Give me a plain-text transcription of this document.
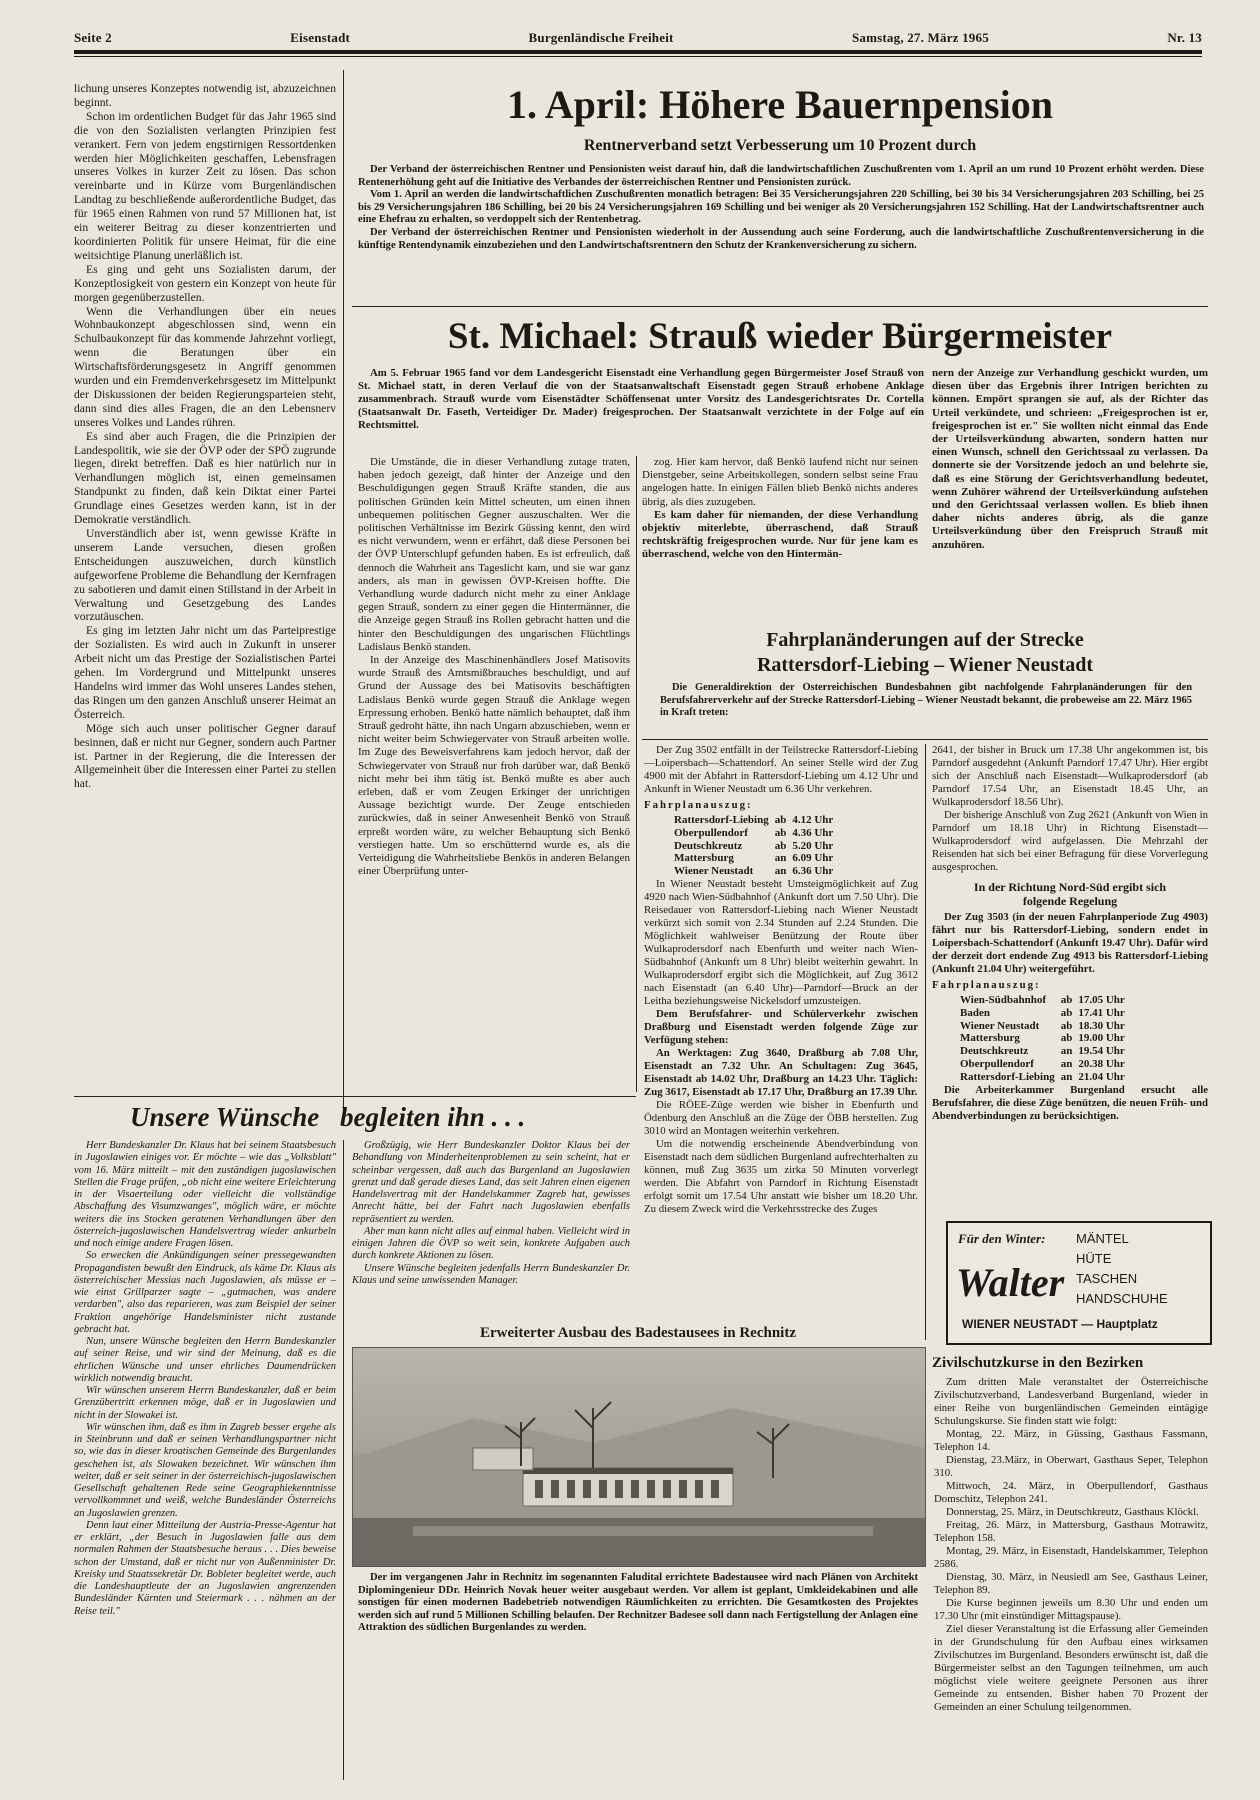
Seite 2	Eisenstadt	Burgenländische Freiheit	Samstag, 27. März 1965	Nr. 13

lichung unseres Konzeptes notwendig ist, abzuzeichnen beginnt.

Schon im ordentlichen Budget für das Jahr 1965 sind die von den Sozialisten verlangten Prinzipien fest verankert. Fern von jedem engstirnigen Ressortdenken werden hier Möglichkeiten geschaffen, Lebensfragen unseres Volkes in kurzer Zeit zu lösen. Das schon vereinbarte und in Kürze vom Burgenländischen Landtag zu beschließende außerordentliche Budget, das für 1965 einen Rahmen von rund 57 Millionen hat, ist ein weiterer Beitrag zu dieser konzentrierten und koordinierten Politik für unsere Heimat, für die eine weitsichtige Planung unerläßlich ist.

Es ging und geht uns Sozialisten darum, der Konzeptlosigkeit von gestern ein Konzept von heute für morgen gegenüberzustellen.

Wenn die Verhandlungen über ein neues Wohnbaukonzept abgeschlossen sind, wenn ein Schulbaukonzept für das kommende Jahrzehnt vorliegt, wenn die Beratungen über ein Wirtschaftsförderungsgesetz in Angriff genommen wurden und ein Fremdenverkehrsgesetz im Mittelpunkt der Diskussionen der beiden Regierungsparteien steht, dann sind dies alles Fragen, die an den Lebensnerv unseres Volkes und Landes rühren.

Es sind aber auch Fragen, die die Prinzipien der Landespolitik, wie sie der ÖVP oder der SPÖ zugrunde liegen, direkt betreffen. Daß es hier natürlich nur in Verhandlungen möglich ist, einen gemeinsamen Standpunkt zu finden, daß kein Diktat einer Partei Grundlage eines Gesetzes werden kann, ist in der Demokratie verständlich.

Unverständlich aber ist, wenn gewisse Kräfte in unserem Lande versuchen, diesen großen Entscheidungen auszuweichen, durch künstlich aufgeworfene Probleme die Behandlung der Kernfragen zu sabotieren und damit einen Stillstand in der Arbeit in Verwaltung und Gesetzgebung des Landes vorzutäuschen.

Es ging im letzten Jahr nicht um das Parteiprestige der Sozialisten. Es wird auch in Zukunft in unserer Arbeit nicht um das Prestige der Sozialistischen Partei gehen. Im Vordergrund und Mittelpunkt unseres Handelns wird immer das Wohl unseres Landes stehen, das Ringen um den ganzen Anschluß unserer Heimat an Österreich.

Möge sich auch unser politischer Gegner darauf besinnen, daß er nicht nur Gegner, sondern auch Partner ist. Partner in der Regierung, die die Interessen der Allgemeinheit über die Interessen einer Partei zu stellen hat.

1. April: Höhere Bauernpension
Rentnerverband setzt Verbesserung um 10 Prozent durch

Der Verband der österreichischen Rentner und Pensionisten weist darauf hin, daß die landwirtschaftlichen Zuschußrenten vom 1. April an um rund 10 Prozent erhöht werden. Diese Rentenerhöhung geht auf die Initiative des Verbandes der österreichischen Rentner und Pensionisten zurück.

Vom 1. April an werden die landwirtschaftlichen Zuschußrenten monatlich betragen: Bei 35 Versicherungsjahren 220 Schilling, bei 30 bis 34 Versicherungsjahren 203 Schilling, bei 25 bis 29 Versicherungsjahren 186 Schilling, bei 20 bis 24 Versicherungsjahren 169 Schilling und bei weniger als 20 Versicherungsjahren 152 Schilling. Hat der Landwirtschaftsrentner auch eine Ehefrau zu erhalten, so verdoppelt sich der Rentenbetrag.

Der Verband der österreichischen Rentner und Pensionisten wiederholt in der Aussendung auch seine Forderung, auch die landwirtschaftliche Zuschußrentenversicherung in die künftige Rentendynamik einzubeziehen und den Landwirtschaftsrentnern den Schutz der Krankenversicherung zu sichern.

St. Michael: Strauß wieder Bürgermeister

Am 5. Februar 1965 fand vor dem Landesgericht Eisenstadt eine Verhandlung gegen Bürgermeister Josef Strauß von St. Michael statt, in deren Verlauf die von der Staatsanwaltschaft Eisenstadt gegen Strauß erhobene Anklage zusammenbrach. Strauß wurde vom Eisenstädter Schöffensenat unter Vorsitz des Landesgerichtsrates Dr. Cortella (Staatsanwalt Dr. Faseth, Verteidiger Dr. Mader) freigesprochen. Der Staatsanwalt verzichtete in der Folge auf ein Rechtsmittel.

Die Umstände, die in dieser Verhandlung zutage traten, haben jedoch gezeigt, daß hinter der Anzeige und den Beschuldigungen gegen Strauß Kräfte standen, die aus politischen Gründen kein Mittel scheuten, um einen ihnen unbequemen politischen Gegner auszuschalten. Wer die politischen Verhältnisse im Bezirk Güssing kennt, den wird es nicht verwundern, wenn er erfährt, daß diese Personen bei der ÖVP Unterschlupf gefunden haben. Es ist erfreulich, daß dennoch die Wahrheit ans Tageslicht kam, und sie war ganz anders, als man in gewissen ÖVP-Kreisen hoffte. Die Verhandlung wurde dadurch nicht mehr zu einer Anklage gegen Strauß, sondern zu einer gegen die Hintermänner, die die Anzeige gegen Strauß ins Rollen gebracht hatten und die hinter den Beschuldigungen des ungarischen Flüchtlings Ladislaus Benkö standen.

In der Anzeige des Maschinenhändlers Josef Matisovits wurde Strauß des Amtsmißbrauches beschuldigt, und auf Grund der Aussage des bei Matisovits beschäftigten Ladislaus Benkö wurde gegen Strauß die Anklage wegen Erpressung erhoben. Benkö hatte nämlich behauptet, daß ihm Strauß gedroht hätte, ihn nach Ungarn abzuschieben, wenn er nicht weiter beim Schwiegervater von Strauß arbeiten wolle. Im Zuge des Beweisverfahrens kam jedoch hervor, daß der Schwiegervater von Strauß nur froh darüber war, daß Benkö nicht mehr bei ihm tätig ist. Benkö mußte es aber auch erleben, daß er vom Zeugen Erkinger der unrichtigen Aussage bezichtigt wurde. Der Zeuge entschieden zurückwies, daß in seiner Anwesenheit Benkö von Strauß erpreßt worden wäre, zu welcher Behauptung sich Benkö verstiegen hatte. Um so erschütternd wurde es, als die Verteidigung die Wahrheitsliebe Benkös in anderen Belangen einer Überprüfung unter-

zog. Hier kam hervor, daß Benkö laufend nicht nur seinen Dienstgeber, seine Arbeitskollegen, sondern selbst seine Frau angelogen hatte. In einigen Fällen blieb Benkö nichts anderes übrig, als dies zuzugeben.

Es kam daher für niemanden, der diese Verhandlung objektiv miterlebte, überraschend, daß Strauß rechtskräftig freigesprochen wurde. Nur für jene kam es überraschend, welche von den Hintermän-

nern der Anzeige zur Verhandlung geschickt wurden, um diesen über das Ergebnis ihrer Intrigen berichten zu können. Empört sprangen sie auf, als der Richter das Urteil verkündete, und schrieen: „Freigesprochen ist er, freigesprochen ist er." Sie wollten nicht einmal das Ende der Urteilsverkündung abwarten, sondern hatten nur einen Wunsch, schnell den Gerichtssaal zu verlassen. Da donnerte sie der Vorsitzende jedoch an und belehrte sie, daß es eine Störung der Gerichtsverhandlung bedeutet, wenn Zuhörer während der Urteilsverkündung aufstehen und den Gerichtssaal verlassen wollen. Es blieb ihnen daher nichts anderes übrig, als die ganze Urteilsverkündung über den Freispruch Strauß mit anzuhören.

Fahrplanänderungen auf der Strecke
Rattersdorf-Liebing – Wiener Neustadt

Die Generaldirektion der Österreichischen Bundesbahnen gibt nachfolgende Fahrplanänderungen für den Berufsfahrerverkehr auf der Strecke Rattersdorf-Liebing – Wiener Neustadt bekannt, die probeweise am 22. März 1965 in Kraft treten:

Der Zug 3502 entfällt in der Teilstrecke Rattersdorf-Liebing—Loipersbach—Schattendorf. An seiner Stelle wird der Zug 4900 mit der Abfahrt in Rattersdorf-Liebing um 4.12 Uhr und Ankunft in Wiener Neustadt um 6.36 Uhr verkehren.

Fahrplanauszug:
Rattersdorf-Liebing	ab	4.12 Uhr
Oberpullendorf	ab	4.36 Uhr
Deutschkreutz	ab	5.20 Uhr
Mattersburg	an	6.09 Uhr
Wiener Neustadt	an	6.36 Uhr

In Wiener Neustadt besteht Umsteigmöglichkeit auf Zug 4920 nach Wien-Südbahnhof (Ankunft dort um 7.50 Uhr). Die Reisedauer von Rattersdorf-Liebing nach Wiener Neustadt verkürzt sich somit von 2.34 Stunden auf 2.24 Stunden. Die Möglichkeit wahlweiser Benützung der Route über Wulkaprodersdorf nach Ebenfurth und weiter nach Wien-Südbahnhof (Ankunft um 8 Uhr) bleibt weiterhin gewahrt. In Wulkaprodersdorf ergibt sich die Möglichkeit, auf Zug 3612 nach Eisenstadt (an 6.40 Uhr)—Parndorf—Bruck an der Leitha beziehungsweise Nickelsdorf umzusteigen.

Dem Berufsfahrer- und Schülerverkehr zwischen Draßburg und Eisenstadt werden folgende Züge zur Verfügung stehen:

An Werktagen: Zug 3640, Draßburg ab 7.08 Uhr, Eisenstadt an 7.32 Uhr. An Schultagen: Zug 3645, Eisenstadt ab 14.02 Uhr, Draßburg an 14.23 Uhr. Täglich: Zug 3617, Eisenstadt ab 17.17 Uhr, Draßburg an 17.39 Uhr.

Die RÖEE-Züge werden wie bisher in Ebenfurth und Ödenburg den Anschluß an die Züge der ÖBB herstellen. Zug 3010 wird an Montagen weiterhin verkehren.

Um die notwendig erscheinende Abendverbindung von Eisenstadt nach dem südlichen Burgenland aufrechterhalten zu können, muß Zug 3635 um zirka 50 Minuten vorverlegt werden. Die Abfahrt von Parndorf in Richtung Eisenstadt erfolgt somit um 17.54 Uhr anstatt wie bisher um 18.20 Uhr. Zu diesem Zweck wird die Verkehrsstrecke des Zuges

2641, der bisher in Bruck um 17.38 Uhr angekommen ist, bis Parndorf ausgedehnt (Ankunft Parndorf 17.47 Uhr). Hier ergibt sich der Anschluß nach Eisenstadt—Wulkaprodersdorf (ab Parndorf 17.54 Uhr, an Eisenstadt 18.45 Uhr, an Wulkaprodersdorf 18.56 Uhr).

Der bisherige Anschluß von Zug 2621 (Ankunft von Wien in Parndorf um 18.18 Uhr) in Richtung Eisenstadt—Wulkaprodersdorf wird aufgelassen. Die Mehrzahl der Reisenden hat sich bei einer Befragung für diese Vorverlegung ausgesprochen.

In der Richtung Nord-Süd ergibt sich
folgende Regelung

Der Zug 3503 (in der neuen Fahrplanperiode Zug 4903) fährt nur bis Rattersdorf-Liebing, sondern endet in Loipersbach-Schattendorf (Ankunft 19.47 Uhr). Dafür wird der derzeit dort endende Zug 4913 bis Rattersdorf-Liebing (Ankunft 21.04 Uhr) weitergeführt.

Fahrplanauszug:
Wien-Südbahnhof	ab	17.05 Uhr
Baden	ab	17.41 Uhr
Wiener Neustadt	ab	18.30 Uhr
Mattersburg	ab	19.00 Uhr
Deutschkreutz	an	19.54 Uhr
Oberpullendorf	an	20.38 Uhr
Rattersdorf-Liebing	an	21.04 Uhr

Die Arbeiterkammer Burgenland ersucht alle Berufsfahrer, die diese Züge benützen, die neuen Früh- und Abendverbindungen zu berücksichtigen.

Unsere Wünsche begleiten ihn . . .

Herr Bundeskanzler Dr. Klaus hat bei seinem Staatsbesuch in Jugoslawien einiges vor. Er möchte – wie das „Volksblatt" vom 16. März mitteilt – mit den zuständigen jugoslawischen Stellen die Frage prüfen, „ob nicht eine weitere Erleichterung in der Visaerteilung oder vielleicht die vollständige Abschaffung des Visumzwanges", möglich wäre, er möchte weiters die ins Stocken geratenen Verhandlungen über den österreich-jugoslawischen Handelsvertrag wieder ankurbeln und noch einige andere Fragen lösen.

So erwecken die Ankündigungen seiner pressegewandten Propagandisten bewußt den Eindruck, als käme Dr. Klaus als österreichischer Messias nach Jugoslawien, als müsse er – wie einst Grillparzer sagte – „gutmachen, was andere verdarben", also das reparieren, was zum Beispiel der seiner Fraktion angehörige Handelsminister nicht zustande gebracht hat.

Nun, unsere Wünsche begleiten den Herrn Bundeskanzler auf seiner Reise, und wir sind der Meinung, daß es die ehrlichen Wünsche und unser ehrliches Daumendrücken wirklich notwendig braucht.

Wir wünschen unserem Herrn Bundeskanzler, daß er beim Grenzübertritt erkennen möge, daß er in Jugoslawien und nicht in der Slowakei ist.

Wir wünschen ihm, daß es ihm in Zagreb besser ergehe als in Steinbrunn und daß er seinen Verhandlungspartner nicht so, wie das in dieser kroatischen Gemeinde des Burgenlandes geschehen ist, als Slowaken bezeichnet. Wir wünschen ihm weiter, daß er seit seiner in der österreichisch-jugoslawischen Gesellschaft gehaltenen Rede seine Geographiekenntnisse vervollkommnet und weiß, welche Bundesländer Österreichs an Jugoslawien grenzen.

Denn laut einer Mitteilung der Austria-Presse-Agentur hat er erklärt, „der Besuch in Jugoslawien falle aus dem normalen Rahmen der Staatsbesuche heraus . . . Dies beweise schon der Umstand, daß er nicht nur von Außenminister Dr. Kreisky und Staatssekretär Dr. Bobleter begleitet werde, auch die Landeshauptleute der an Jugoslawien angrenzenden Bundesländer Kärnten und Steiermark . . . nähmen an der Reise teil."

Großzügig, wie Herr Bundeskanzler Doktor Klaus bei der Behandlung von Minderheitenproblemen zu sein scheint, hat er scheinbar vergessen, daß auch das Burgenland an Jugoslawien grenzt und daß gerade dieses Land, das seit Jahren einen eigenen Handelsvertrag mit der Handelskammer Zagreb hat, gewisses Anrecht hätte, bei der Fahrt nach Jugoslawien ebenfalls repräsentiert zu werden.

Aber man kann nicht alles auf einmal haben. Vielleicht wird in einigen Jahren die ÖVP so weit sein, konkrete Aufgaben auch durch konkrete Aktionen zu lösen.

Unsere Wünsche begleiten jedenfalls Herrn Bundeskanzler Dr. Klaus und seine unwissenden Manager.

Erweiterter Ausbau des Badestausees in Rechnitz

Der im vergangenen Jahr in Rechnitz im sogenannten Faludital errichtete Badestausee wird nach Plänen von Architekt Diplomingenieur DDr. Heinrich Novak heuer weiter ausgebaut werden. Vor allem ist geplant, Umkleidekabinen und alle sonstigen für einen modernen Badebetrieb notwendigen Räumlichkeiten zu errichten. Die Gesamtkosten des Projektes werden sich auf rund 5 Millionen Schilling belaufen. Der Rechnitzer Badesee soll dann nach Fertigstellung der Anlagen eine Attraktion des südlichen Burgenlandes zu werden.

Für den Winter:	MÄNTEL
HÜTE
TASCHEN
HANDSCHUHE
Walter
WIENER NEUSTADT — Hauptplatz
Zivilschutzkurse in den Bezirken

Zum dritten Male veranstaltet der Österreichische Zivilschutzverband, Landesverband Burgenland, wieder in einer Reihe von burgenländischen Gemeinden eintägige Schulungskurse. Sie finden statt wie folgt:

Montag, 22. März, in Güssing, Gasthaus Fassmann, Telephon 14.

Dienstag, 23.März, in Oberwart, Gasthaus Seper, Telephon 310.

Mittwoch, 24. März, in Oberpullendorf, Gasthaus Domschitz, Telephon 241.

Donnerstag, 25. März, in Deutschkreutz, Gasthaus Klöckl.

Freitag, 26. März, in Mattersburg, Gasthaus Motrawitz, Telephon 158.

Montag, 29. März, in Eisenstadt, Handelskammer, Telephon 2586.

Dienstag, 30. März, in Neusiedl am See, Gasthaus Leiner, Telephon 89.

Die Kurse beginnen jeweils um 8.30 Uhr und enden um 17.30 Uhr (mit einstündiger Mittagspause).

Ziel dieser Veranstaltung ist die Erfassung aller Gemeinden in der Grundschulung für den Aufbau eines wirksamen Zivilschutzes im Burgenland. Besonders erwünscht ist, daß die Bürgermeister selbst an den Tagungen teilnehmen, um auch möglichst viele weitere geeignete Personen aus ihrer Gemeinde zu entsenden. Bisher haben 70 Prozent der Gemeinden an einer Schulung teilgenommen.
